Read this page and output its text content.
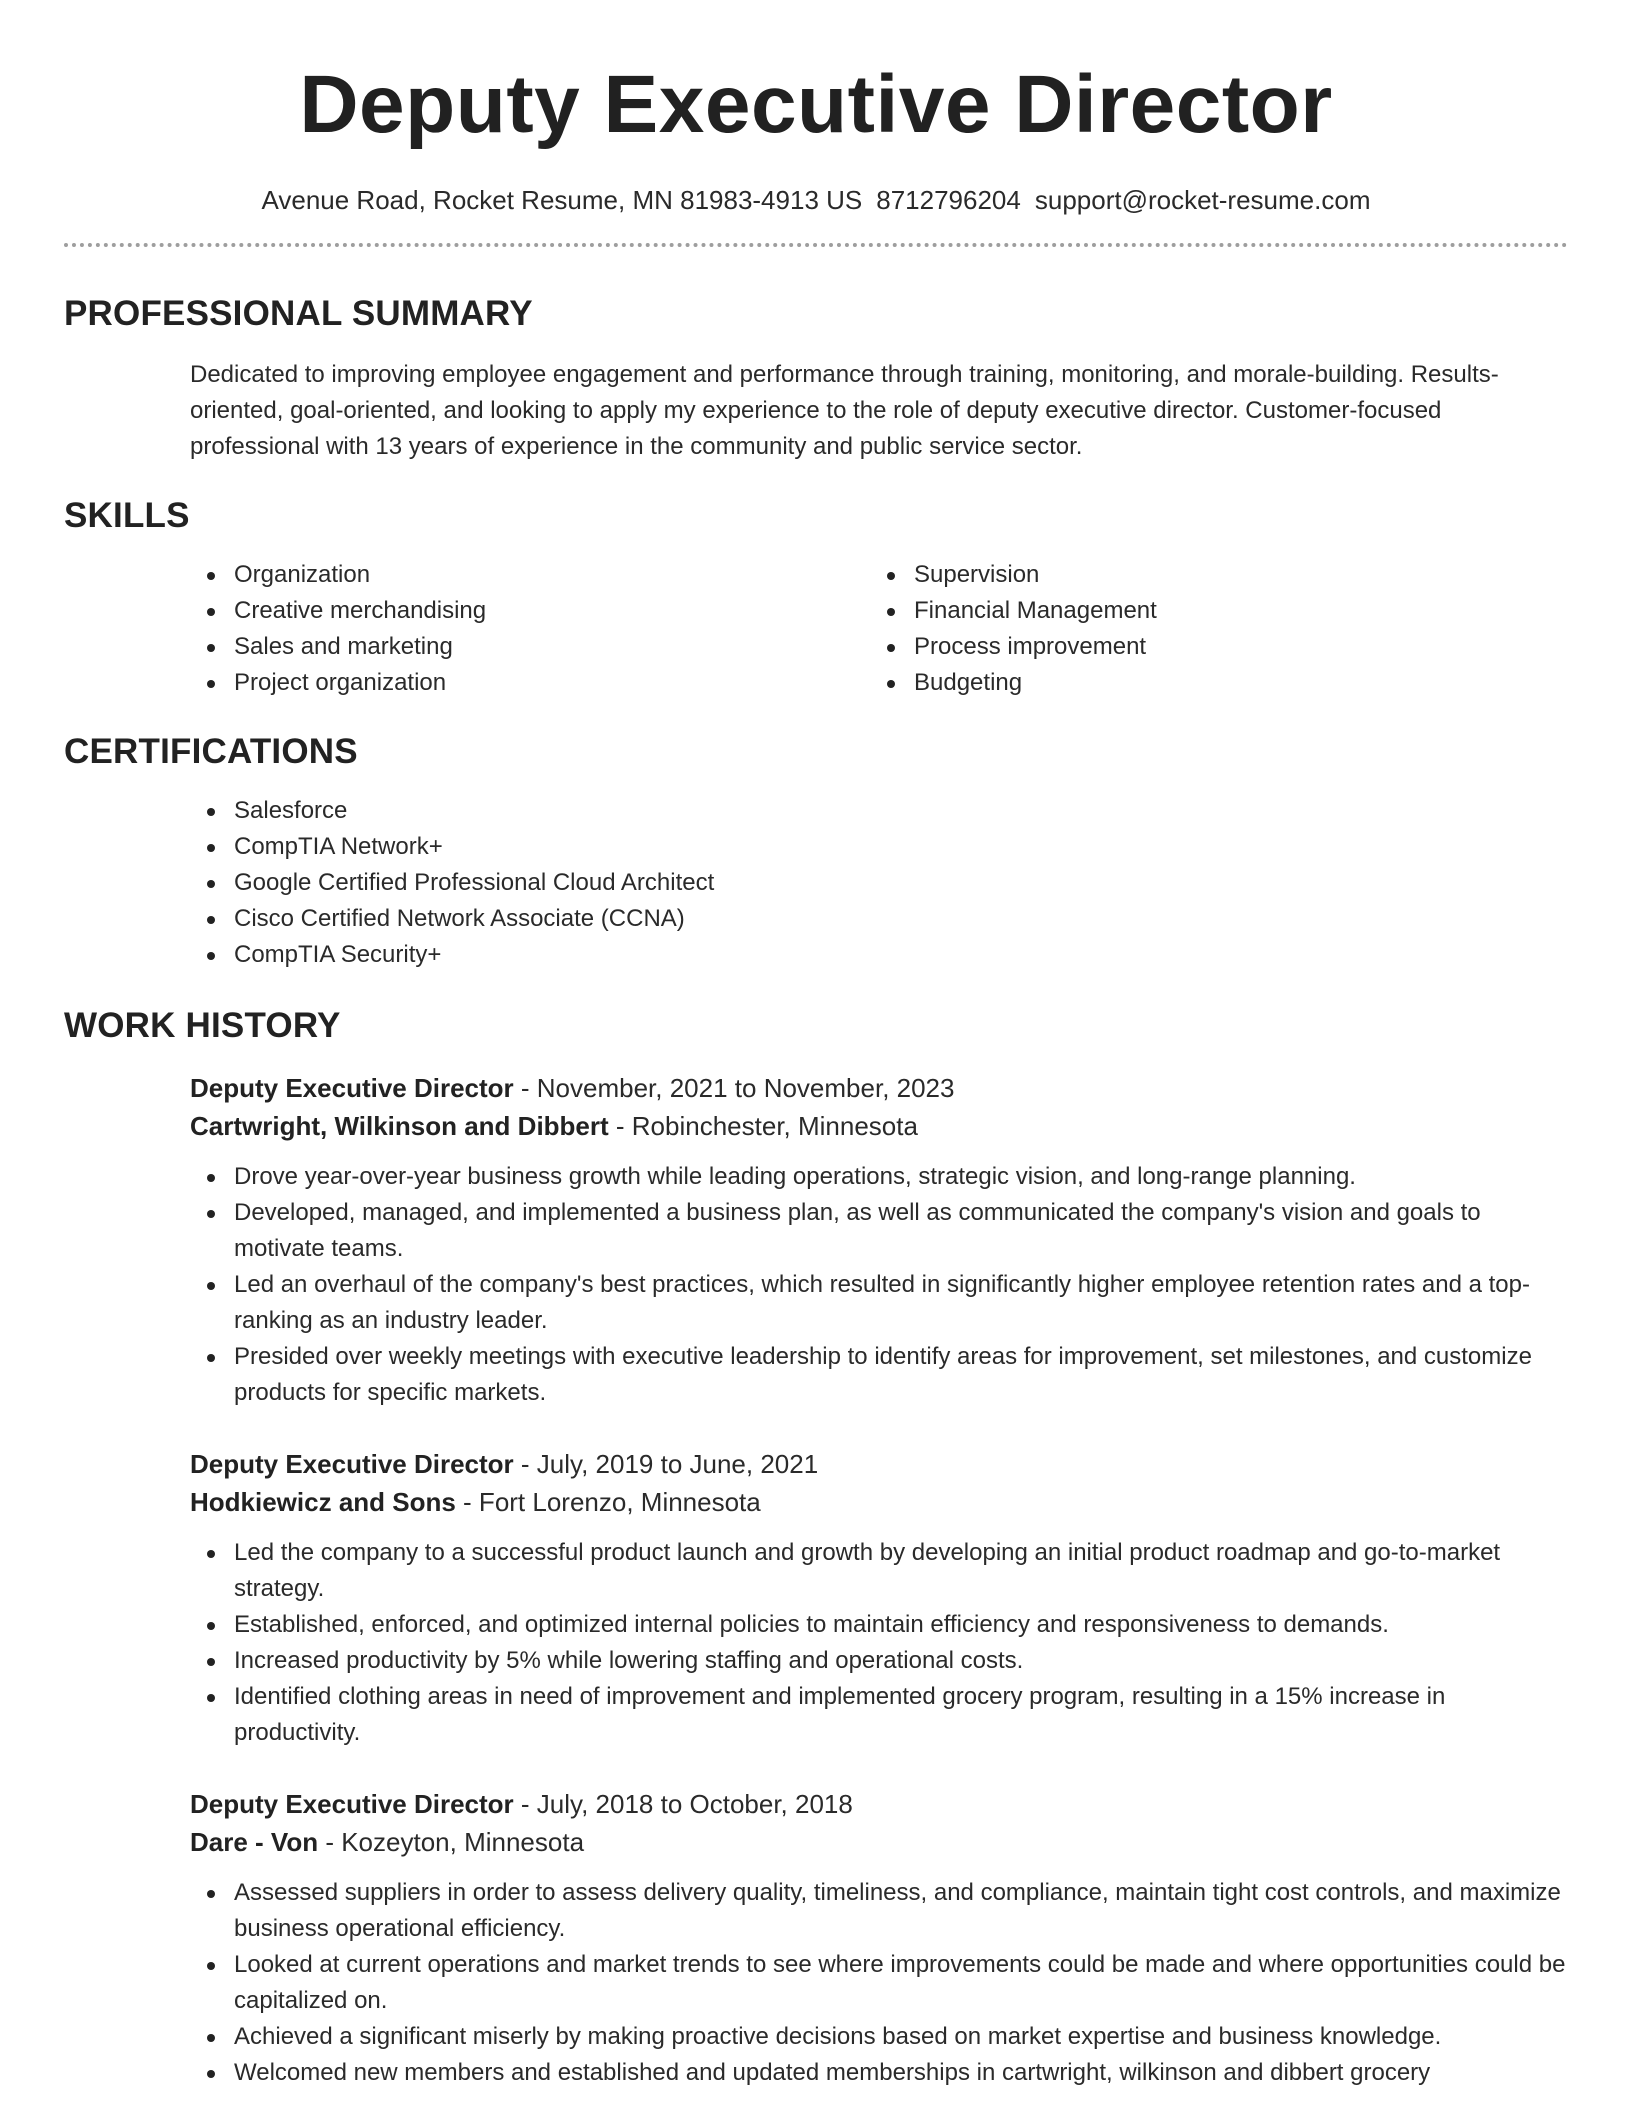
Deputy Executive Director
Avenue Road, Rocket Resume, MN 81983-4913 US 8712796204 support@rocket-resume.com
PROFESSIONAL SUMMARY
Dedicated to improving employee engagement and performance through training, monitoring, and morale-building. Results-oriented, goal-oriented, and looking to apply my experience to the role of deputy executive director. Customer-focused professional with 13 years of experience in the community and public service sector.
SKILLS
Organization
Creative merchandising
Sales and marketing
Project organization
Supervision
Financial Management
Process improvement
Budgeting
CERTIFICATIONS
Salesforce
CompTIA Network+
Google Certified Professional Cloud Architect
Cisco Certified Network Associate (CCNA)
CompTIA Security+
WORK HISTORY
Deputy Executive Director - November, 2021 to November, 2023
Cartwright, Wilkinson and Dibbert - Robinchester, Minnesota
Drove year-over-year business growth while leading operations, strategic vision, and long-range planning.
Developed, managed, and implemented a business plan, as well as communicated the company's vision and goals to motivate teams.
Led an overhaul of the company's best practices, which resulted in significantly higher employee retention rates and a top-ranking as an industry leader.
Presided over weekly meetings with executive leadership to identify areas for improvement, set milestones, and customize products for specific markets.
Deputy Executive Director - July, 2019 to June, 2021
Hodkiewicz and Sons - Fort Lorenzo, Minnesota
Led the company to a successful product launch and growth by developing an initial product roadmap and go-to-market strategy.
Established, enforced, and optimized internal policies to maintain efficiency and responsiveness to demands.
Increased productivity by 5% while lowering staffing and operational costs.
Identified clothing areas in need of improvement and implemented grocery program, resulting in a 15% increase in productivity.
Deputy Executive Director - July, 2018 to October, 2018
Dare - Von - Kozeyton, Minnesota
Assessed suppliers in order to assess delivery quality, timeliness, and compliance, maintain tight cost controls, and maximize business operational efficiency.
Looked at current operations and market trends to see where improvements could be made and where opportunities could be capitalized on.
Achieved a significant miserly by making proactive decisions based on market expertise and business knowledge.
Welcomed new members and established and updated memberships in cartwright, wilkinson and dibbert grocery
